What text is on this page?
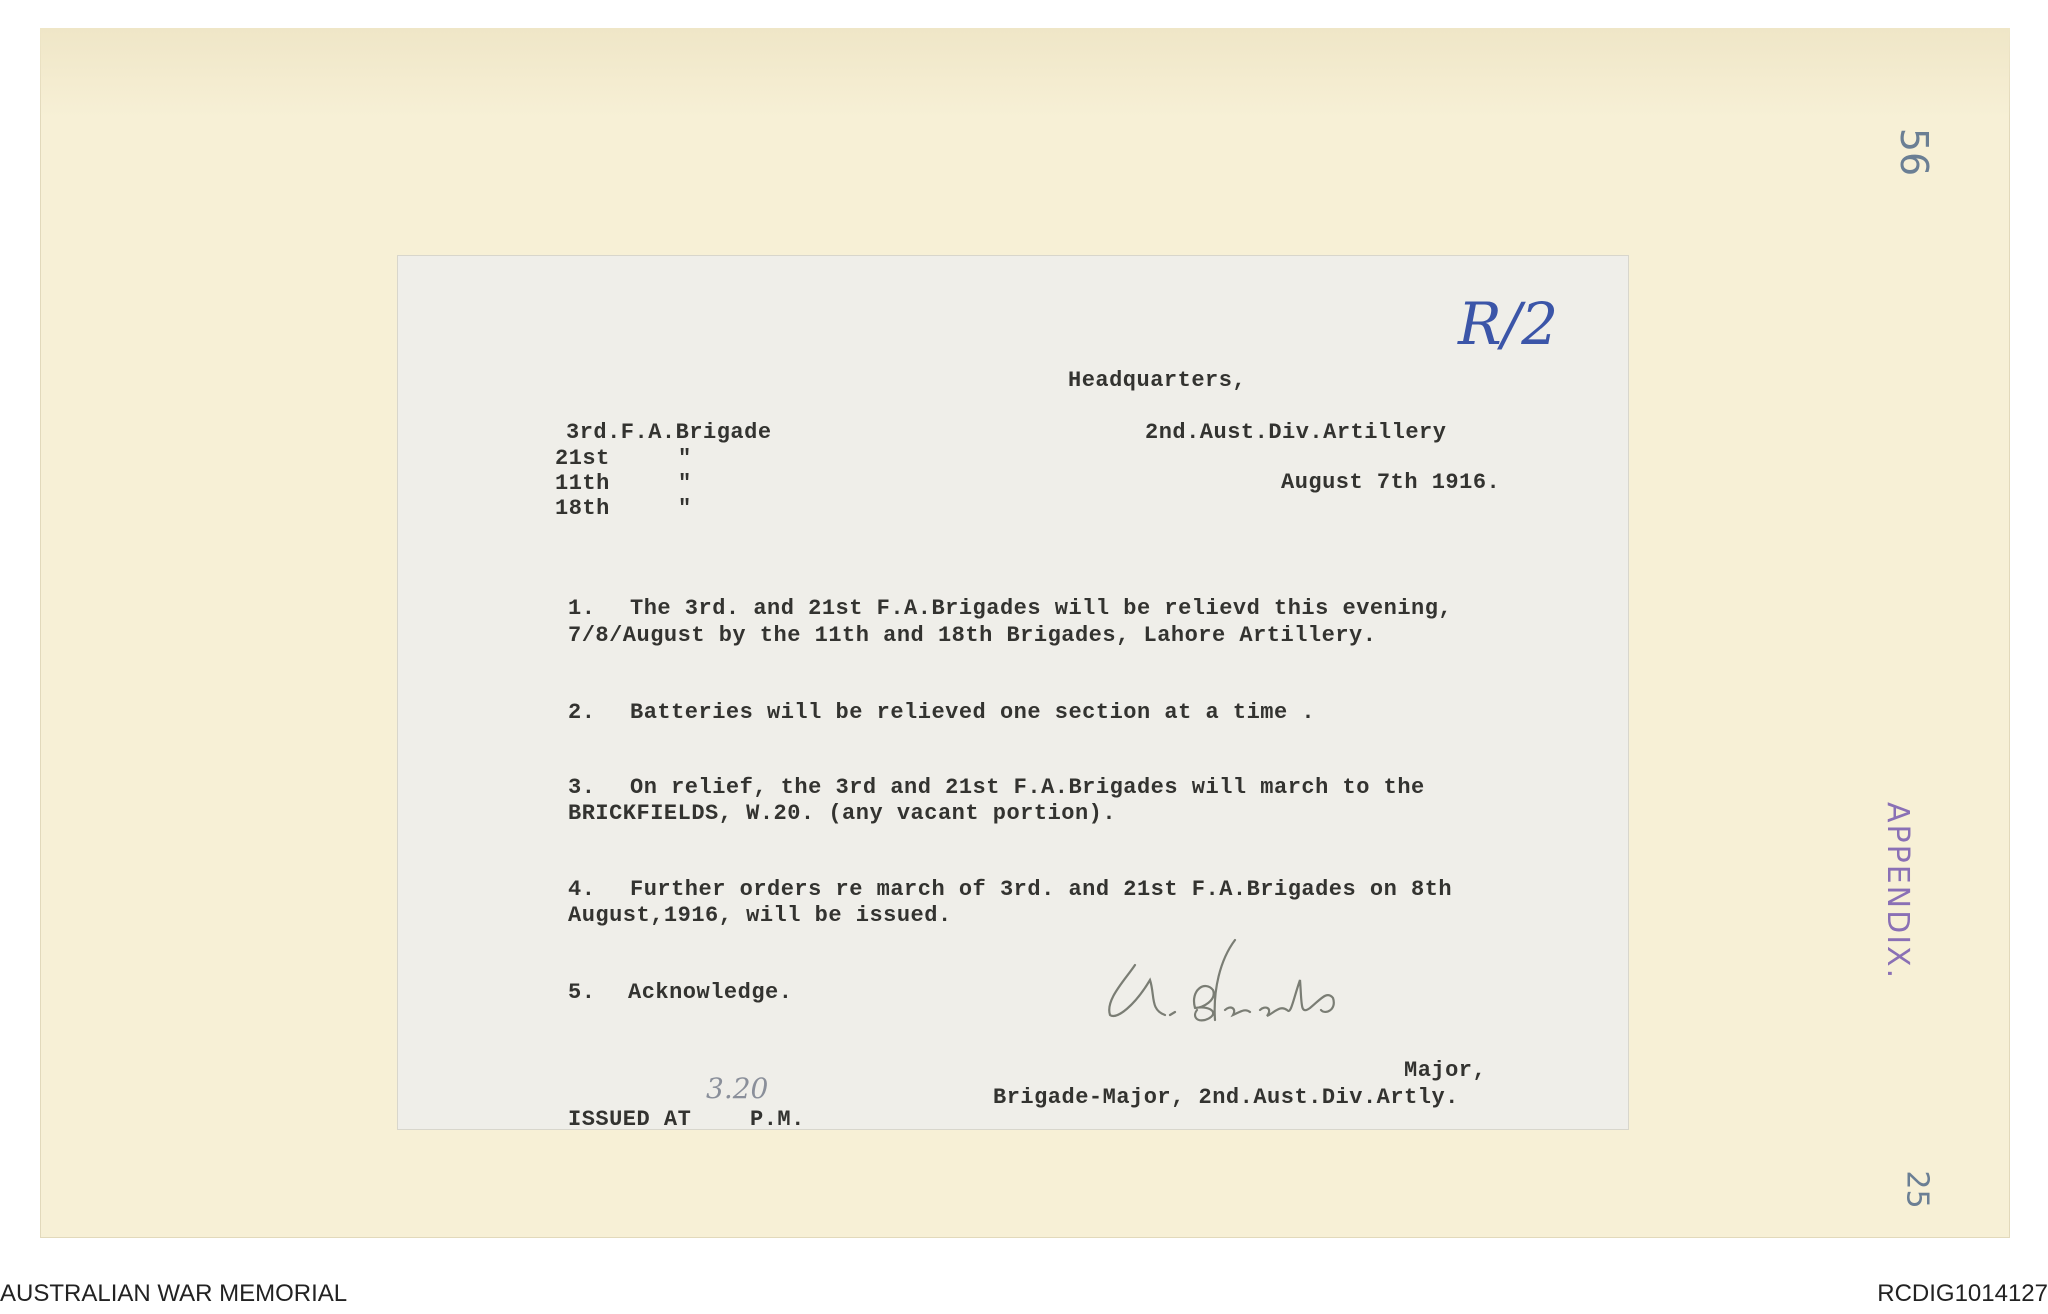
56
APPENDIX.
25
R/2
Headquarters,
2nd.Aust.Div.Artillery
August 7th 1916.
3rd.F.A.Brigade
21st	"
11th	"
18th	"
1. The 3rd. and 21st F.A.Brigades will be relievd this evening,
7/8/August by the 11th and 18th Brigades, Lahore Artillery.
2. Batteries will be relieved one section at a time .
3. On relief, the 3rd and 21st F.A.Brigades will march to the
BRICKFIELDS, W.20. (any vacant portion).
4. Further orders re march of 3rd. and 21st F.A.Brigades on 8th
August,1916, will be issued.
5. Acknowledge.
Major,
Brigade-Major, 2nd.Aust.Div.Artly.
ISSUED AT
3.20
P.M.
AUSTRALIAN WAR MEMORIAL	RCDIG1014127
